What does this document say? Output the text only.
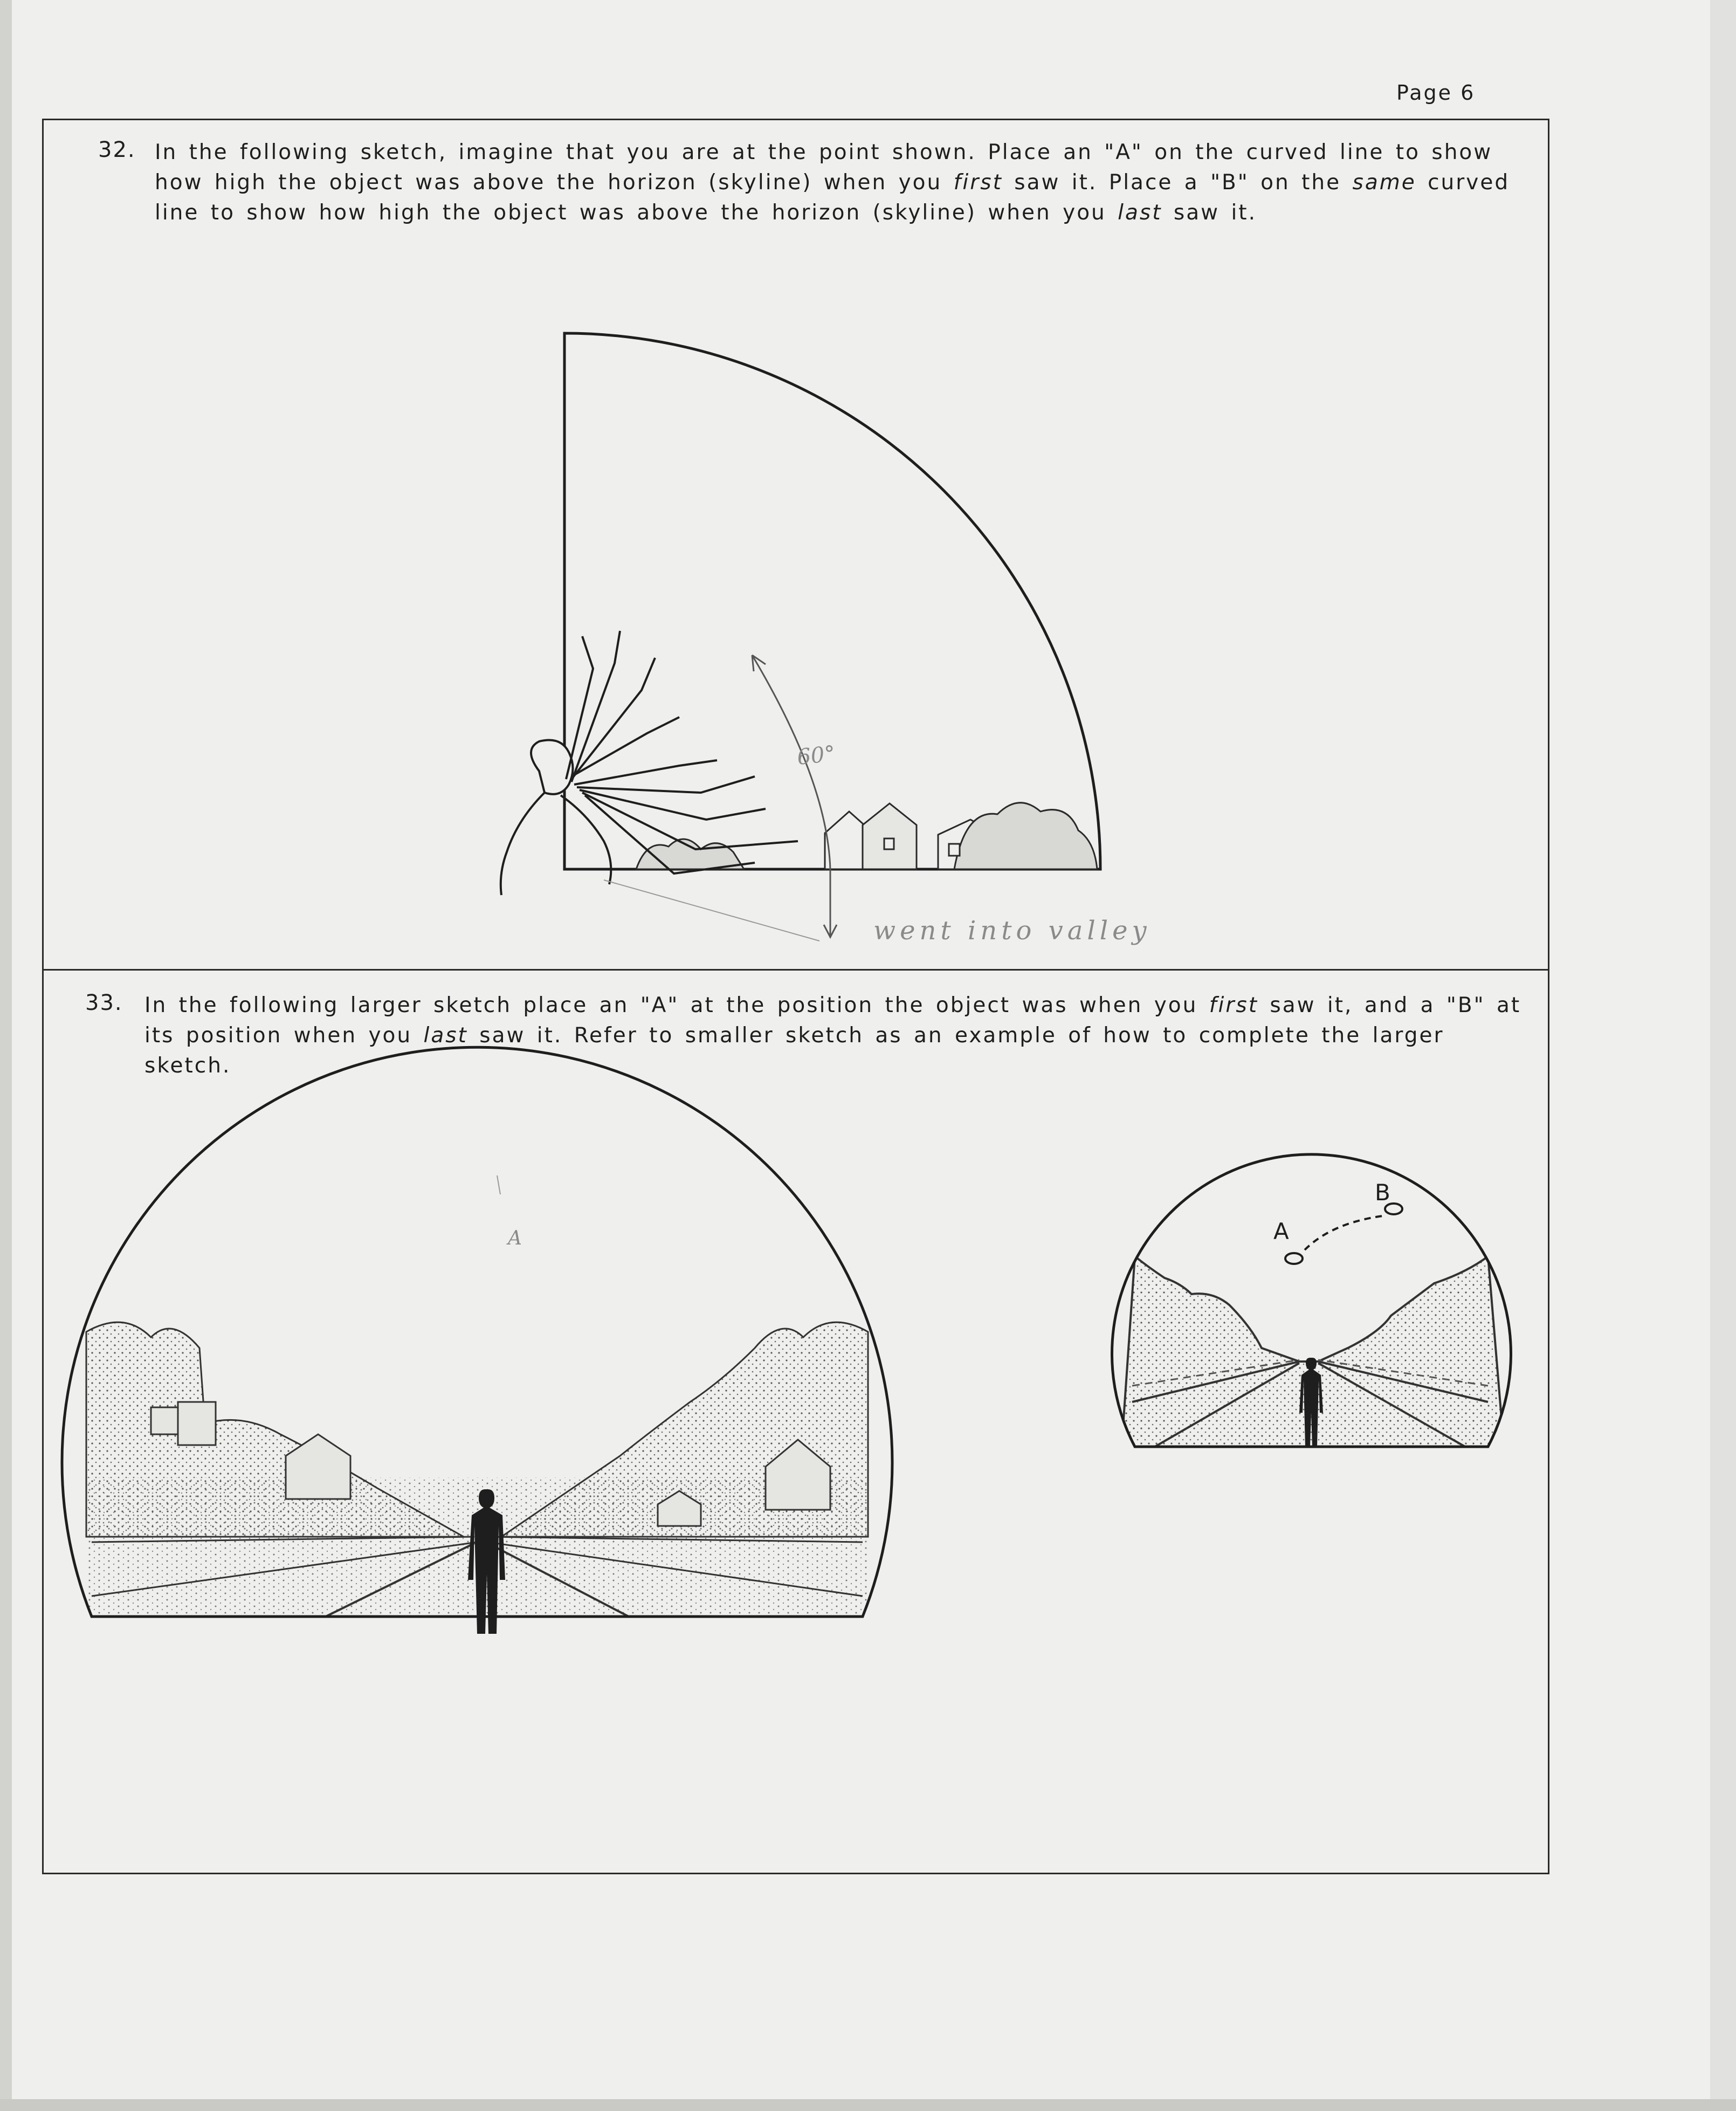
Page 6
32. In the following sketch, imagine that you are at the point shown. Place an "A" on the curved line to show how high the object was above the horizon (skyline) when you first saw it. Place a "B" on the same curved line to show how high the object was above the horizon (skyline) when you last saw it.
33. In the following larger sketch place an "A" at the position the object was when you first saw it, and a "B" at its position when you last saw it. Refer to smaller sketch as an example of how to complete the larger sketch.
60°
went into valley
A	A
B
